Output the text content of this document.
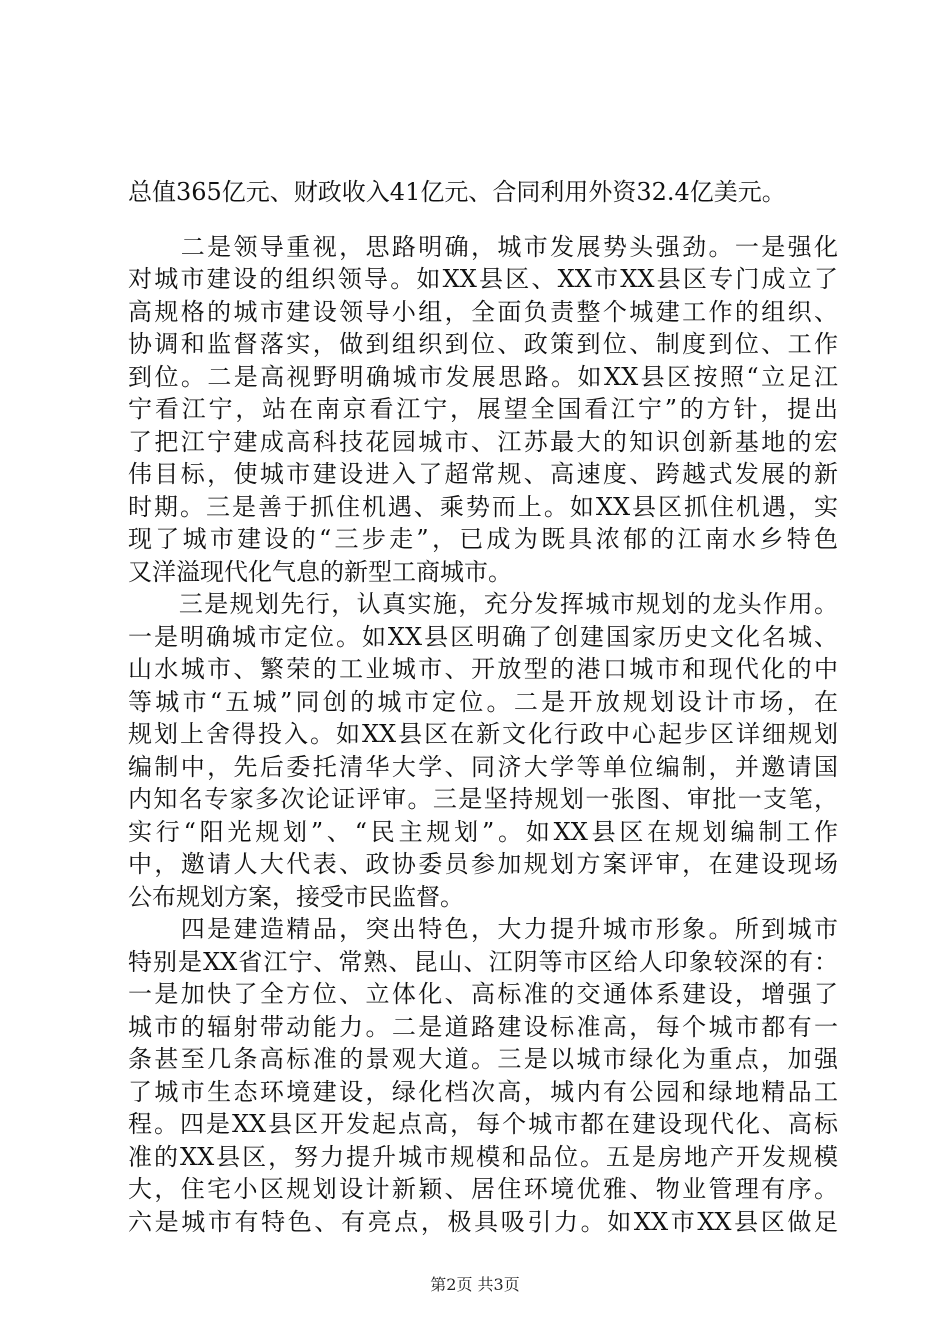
总值365亿元、财政收入41亿元、合同利用外资32.4亿美元。
　　二是领导重视，思路明确，城市发展势头强劲。一是强化
对城市建设的组织领导。如XX县区、XX市XX县区专门成立了
高规格的城市建设领导小组，全面负责整个城建工作的组织、
协调和监督落实，做到组织到位、政策到位、制度到位、工作
到位。二是高视野明确城市发展思路。如XX县区按照“立足江
宁看江宁，站在南京看江宁，展望全国看江宁”的方针，提出
了把江宁建成高科技花园城市、江苏最大的知识创新基地的宏
伟目标，使城市建设进入了超常规、高速度、跨越式发展的新
时期。三是善于抓住机遇、乘势而上。如XX县区抓住机遇，实
现了城市建设的“三步走”，已成为既具浓郁的江南水乡特色
又洋溢现代化气息的新型工商城市。
　　三是规划先行，认真实施，充分发挥城市规划的龙头作用。
一是明确城市定位。如XX县区明确了创建国家历史文化名城、
山水城市、繁荣的工业城市、开放型的港口城市和现代化的中
等城市“五城”同创的城市定位。二是开放规划设计市场，在
规划上舍得投入。如XX县区在新文化行政中心起步区详细规划
编制中，先后委托清华大学、同济大学等单位编制，并邀请国
内知名专家多次论证评审。三是坚持规划一张图、审批一支笔，
实行“阳光规划”、“民主规划”。如XX县区在规划编制工作
中，邀请人大代表、政协委员参加规划方案评审，在建设现场
公布规划方案，接受市民监督。
　　四是建造精品，突出特色，大力提升城市形象。所到城市
特别是XX省江宁、常熟、昆山、江阴等市区给人印象较深的有：
一是加快了全方位、立体化、高标准的交通体系建设，增强了
城市的辐射带动能力。二是道路建设标准高，每个城市都有一
条甚至几条高标准的景观大道。三是以城市绿化为重点，加强
了城市生态环境建设，绿化档次高，城内有公园和绿地精品工
程。四是XX县区开发起点高，每个城市都在建设现代化、高标
准的XX县区，努力提升城市规模和品位。五是房地产开发规模
大，住宅小区规划设计新颖、居住环境优雅、物业管理有序。
六是城市有特色、有亮点，极具吸引力。如XX市XX县区做足
第2页 共3页
